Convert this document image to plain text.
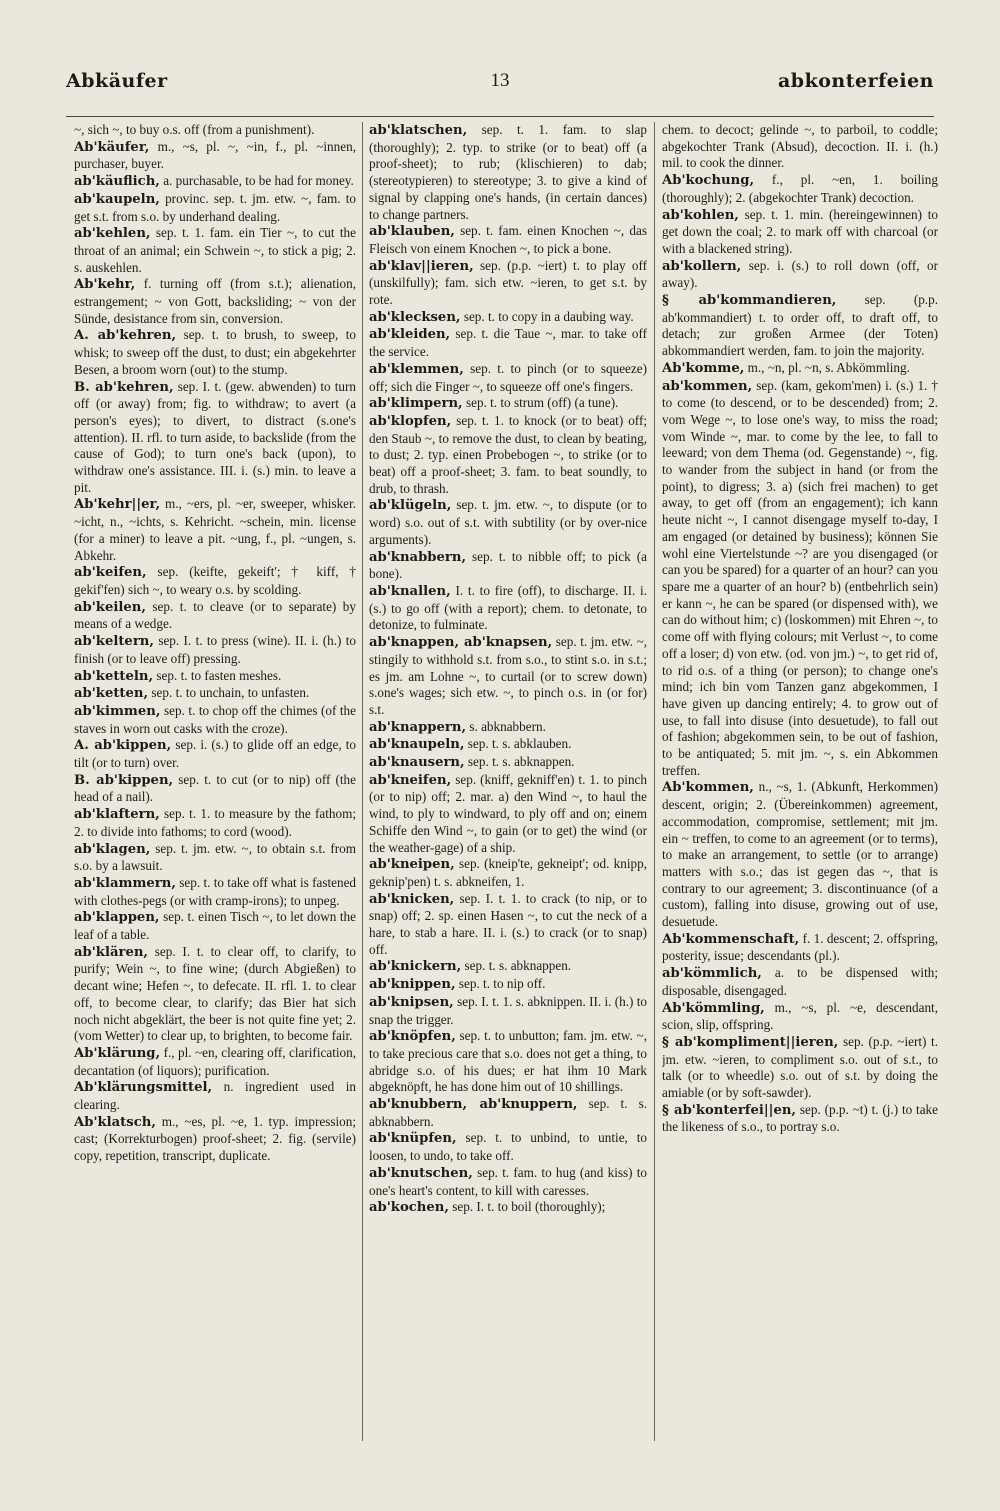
Abkäufer	13	abkonterfeien
~, sich ~, to buy o.s. off (from a punishment).
Ab'käufer, m., ~s, pl. ~, ~in, f., pl. ~innen, purchaser, buyer.
ab'käuflich, a. purchasable, to be had for money.
ab'kaupeln, provinc. sep. t. jm. etw. ~, fam. to get s.t. from s.o. by underhand dealing.
ab'kehlen, sep. t. 1. fam. ein Tier ~, to cut the throat of an animal; ein Schwein ~, to stick a pig; 2. s. auskehlen.
Ab'kehr, f. turning off (from s.t.); alienation, estrangement; ~ von Gott, backsliding; ~ von der Sünde, desistance from sin, conversion.
A. ab'kehren, sep. t. to brush, to sweep, to whisk; to sweep off the dust, to dust; ein abgekehrter Besen, a broom worn (out) to the stump.
B. ab'kehren, sep. I. t. (gew. abwenden) to turn off (or away) from; fig. to withdraw; to avert (a person's eyes); to divert, to distract (s.one's attention). II. rfl. to turn aside, to backslide (from the cause of God); to turn one's back (upon), to withdraw one's assistance. III. i. (s.) min. to leave a pit.
Ab'kehr||er, m., ~ers, pl. ~er, sweeper, whisker. ~icht, n., ~ichts, s. Kehricht. ~schein, min. license (for a miner) to leave a pit. ~ung, f., pl. ~ungen, s. Abkehr.
ab'keifen, sep. (keifte, gekeift'; † kiff, † gekif'fen) sich ~, to weary o.s. by scolding.
ab'keilen, sep. t. to cleave (or to separate) by means of a wedge.
ab'keltern, sep. I. t. to press (wine). II. i. (h.) to finish (or to leave off) pressing.
ab'ketteln, sep. t. to fasten meshes.
ab'ketten, sep. t. to unchain, to unfasten.
ab'kimmen, sep. t. to chop off the chimes (of the staves in worn out casks with the croze).
A. ab'kippen, sep. i. (s.) to glide off an edge, to tilt (or to turn) over.
B. ab'kippen, sep. t. to cut (or to nip) off (the head of a nail).
ab'klaftern, sep. t. 1. to measure by the fathom; 2. to divide into fathoms; to cord (wood).
ab'klagen, sep. t. jm. etw. ~, to obtain s.t. from s.o. by a lawsuit.
ab'klammern, sep. t. to take off what is fastened with clothes-pegs (or with cramp-irons); to unpeg.
ab'klappen, sep. t. einen Tisch ~, to let down the leaf of a table.
ab'klären, sep. I. t. to clear off, to clarify, to purify; Wein ~, to fine wine; (durch Abgießen) to decant wine; Hefen ~, to defecate. II. rfl. 1. to clear off, to become clear, to clarify; das Bier hat sich noch nicht abgeklärt, the beer is not quite fine yet; 2. (vom Wetter) to clear up, to brighten, to become fair.
Ab'klärung, f., pl. ~en, clearing off, clarification, decantation (of liquors); purification.
Ab'klärungsmittel, n. ingredient used in clearing.
Ab'klatsch, m., ~es, pl. ~e, 1. typ. impression; cast; (Korrekturbogen) proof-sheet; 2. fig. (servile) copy, repetition, transcript, duplicate.
ab'klatschen, sep. t. 1. fam. to slap (thoroughly); 2. typ. to strike (or to beat) off (a proof-sheet); to rub; (klischieren) to dab; (stereotypieren) to stereotype; 3. to give a kind of signal by clapping one's hands, (in certain dances) to change partners.
ab'klauben, sep. t. fam. einen Knochen ~, das Fleisch von einem Knochen ~, to pick a bone.
ab'klav||ieren, sep. (p.p. ~iert) t. to play off (unskilfully); fam. sich etw. ~ieren, to get s.t. by rote.
ab'klecksen, sep. t. to copy in a daubing way.
ab'kleiden, sep. t. die Taue ~, mar. to take off the service.
ab'klemmen, sep. t. to pinch (or to squeeze) off; sich die Finger ~, to squeeze off one's fingers.
ab'klimpern, sep. t. to strum (off) (a tune).
ab'klopfen, sep. t. 1. to knock (or to beat) off; den Staub ~, to remove the dust, to clean by beating, to dust; 2. typ. einen Probebogen ~, to strike (or to beat) off a proof-sheet; 3. fam. to beat soundly, to drub, to thrash.
ab'klügeln, sep. t. jm. etw. ~, to dispute (or to word) s.o. out of s.t. with subtility (or by over-nice arguments).
ab'knabbern, sep. t. to nibble off; to pick (a bone).
ab'knallen, I. t. to fire (off), to discharge. II. i. (s.) to go off (with a report); chem. to detonate, to detonize, to fulminate.
ab'knappen, ab'knapsen, sep. t. jm. etw. ~, stingily to withhold s.t. from s.o., to stint s.o. in s.t.; es jm. am Lohne ~, to curtail (or to screw down) s.one's wages; sich etw. ~, to pinch o.s. in (or for) s.t.
ab'knappern, s. abknabbern.
ab'knaupeln, sep. t. s. abklauben.
ab'knausern, sep. t. s. abknappen.
ab'kneifen, sep. (kniff, gekniff'en) t. 1. to pinch (or to nip) off; 2. mar. a) den Wind ~, to haul the wind, to ply to windward, to ply off and on; einem Schiffe den Wind ~, to gain (or to get) the wind (or the weather-gage) of a ship.
ab'kneipen, sep. (kneip'te, gekneipt'; od. knipp, geknip'pen) t. s. abkneifen, 1.
ab'knicken, sep. I. t. 1. to crack (to nip, or to snap) off; 2. sp. einen Hasen ~, to cut the neck of a hare, to stab a hare. II. i. (s.) to crack (or to snap) off.
ab'knickern, sep. t. s. abknappen.
ab'knippen, sep. t. to nip off.
ab'knipsen, sep. I. t. 1. s. abknippen. II. i. (h.) to snap the trigger.
ab'knöpfen, sep. t. to unbutton; fam. jm. etw. ~, to take precious care that s.o. does not get a thing, to abridge s.o. of his dues; er hat ihm 10 Mark abgeknöpft, he has done him out of 10 shillings.
ab'knubbern, ab'knuppern, sep. t. s. abknabbern.
ab'knüpfen, sep. t. to unbind, to untie, to loosen, to undo, to take off.
ab'knutschen, sep. t. fam. to hug (and kiss) to one's heart's content, to kill with caresses.
ab'kochen, sep. I. t. to boil (thoroughly);
chem. to decoct; gelinde ~, to parboil, to coddle; abgekochter Trank (Absud), decoction. II. i. (h.) mil. to cook the dinner.
Ab'kochung, f., pl. ~en, 1. boiling (thoroughly); 2. (abgekochter Trank) decoction.
ab'kohlen, sep. t. 1. min. (hereingewinnen) to get down the coal; 2. to mark off with charcoal (or with a blackened string).
ab'kollern, sep. i. (s.) to roll down (off, or away).
§ ab'kommandieren, sep. (p.p. ab'kommandiert) t. to order off, to draft off, to detach; zur großen Armee (der Toten) abkommandiert werden, fam. to join the majority.
Ab'komme, m., ~n, pl. ~n, s. Abkömmling.
ab'kommen, sep. (kam, gekom'men) i. (s.) 1. † to come (to descend, or to be descended) from; 2. vom Wege ~, to lose one's way, to miss the road; vom Winde ~, mar. to come by the lee, to fall to leeward; von dem Thema (od. Gegenstande) ~, fig. to wander from the subject in hand (or from the point), to digress; 3. a) (sich frei machen) to get away, to get off (from an engagement); ich kann heute nicht ~, I cannot disengage myself to-day, I am engaged (or detained by business); können Sie wohl eine Viertelstunde ~? are you disengaged (or can you be spared) for a quarter of an hour? can you spare me a quarter of an hour? b) (entbehrlich sein) er kann ~, he can be spared (or dispensed with), we can do without him; c) (loskommen) mit Ehren ~, to come off with flying colours; mit Verlust ~, to come off a loser; d) von etw. (od. von jm.) ~, to get rid of, to rid o.s. of a thing (or person); to change one's mind; ich bin vom Tanzen ganz abgekommen, I have given up dancing entirely; 4. to grow out of use, to fall into disuse (into desuetude), to fall out of fashion; abgekommen sein, to be out of fashion, to be antiquated; 5. mit jm. ~, s. ein Abkommen treffen.
Ab'kommen, n., ~s, 1. (Abkunft, Herkommen) descent, origin; 2. (Übereinkommen) agreement, accommodation, compromise, settlement; mit jm. ein ~ treffen, to come to an agreement (or to terms), to make an arrangement, to settle (or to arrange) matters with s.o.; das ist gegen das ~, that is contrary to our agreement; 3. discontinuance (of a custom), falling into disuse, growing out of use, desuetude.
Ab'kommenschaft, f. 1. descent; 2. offspring, posterity, issue; descendants (pl.).
ab'kömmlich, a. to be dispensed with; disposable, disengaged.
Ab'kömmling, m., ~s, pl. ~e, descendant, scion, slip, offspring.
§ ab'kompliment||ieren, sep. (p.p. ~iert) t. jm. etw. ~ieren, to compliment s.o. out of s.t., to talk (or to wheedle) s.o. out of s.t. by doing the amiable (or by soft-sawder).
§ ab'konterfei||en, sep. (p.p. ~t) t. (j.) to take the likeness of s.o., to portray s.o.
